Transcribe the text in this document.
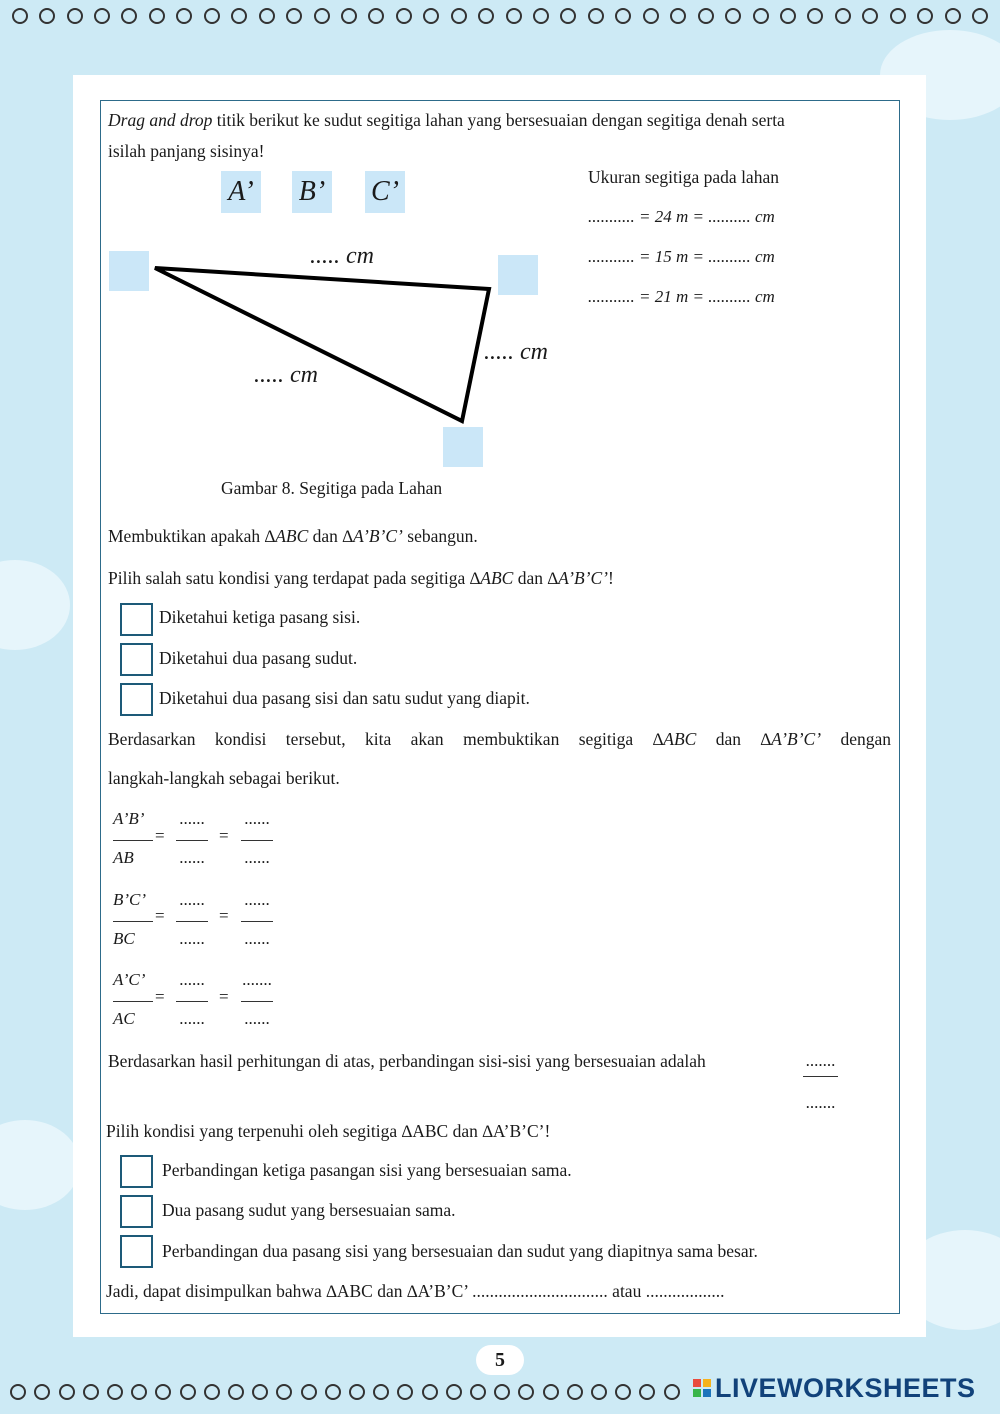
Drag and drop titik berikut ke sudut segitiga lahan yang bersesuaian dengan segitiga denah serta
isilah panjang sisinya!
A’ B’ C’
..... cm
..... cm
..... cm
Gambar 8. Segitiga pada Lahan
Ukuran segitiga pada lahan
........... = 24 m = .......... cm
........... = 15 m = .......... cm
........... = 21 m = .......... cm
Membuktikan apakah ∆ABC dan ∆A’B’C’ sebangun.
Pilih salah satu kondisi yang terdapat pada segitiga ∆ABC dan ∆A’B’C’!
Diketahui ketiga pasang sisi.
Diketahui dua pasang sudut.
Diketahui dua pasang sisi dan satu sudut yang diapit.
Berdasarkan kondisi tersebut, kita akan membuktikan segitiga ∆ABC dan ∆A’B’C’ dengan
langkah-langkah sebagai berikut.
A’B’
AB
=
......
......
=
......
......
B’C’
BC
=
......
......
=
......
......
A’C’
AC
=
......
......
=
.......
......
Berdasarkan hasil perhitungan di atas, perbandingan sisi-sisi yang bersesuaian adalah	.......
.......
Pilih kondisi yang terpenuhi oleh segitiga ∆ABC dan ∆A’B’C’!
Perbandingan ketiga pasangan sisi yang bersesuaian sama.
Dua pasang sudut yang bersesuaian sama.
Perbandingan dua pasang sisi yang bersesuaian dan sudut yang diapitnya sama besar.
Jadi, dapat disimpulkan bahwa ∆ABC dan ∆A’B’C’ ............................... atau ..................
5
LIVEWORKSHEETS
